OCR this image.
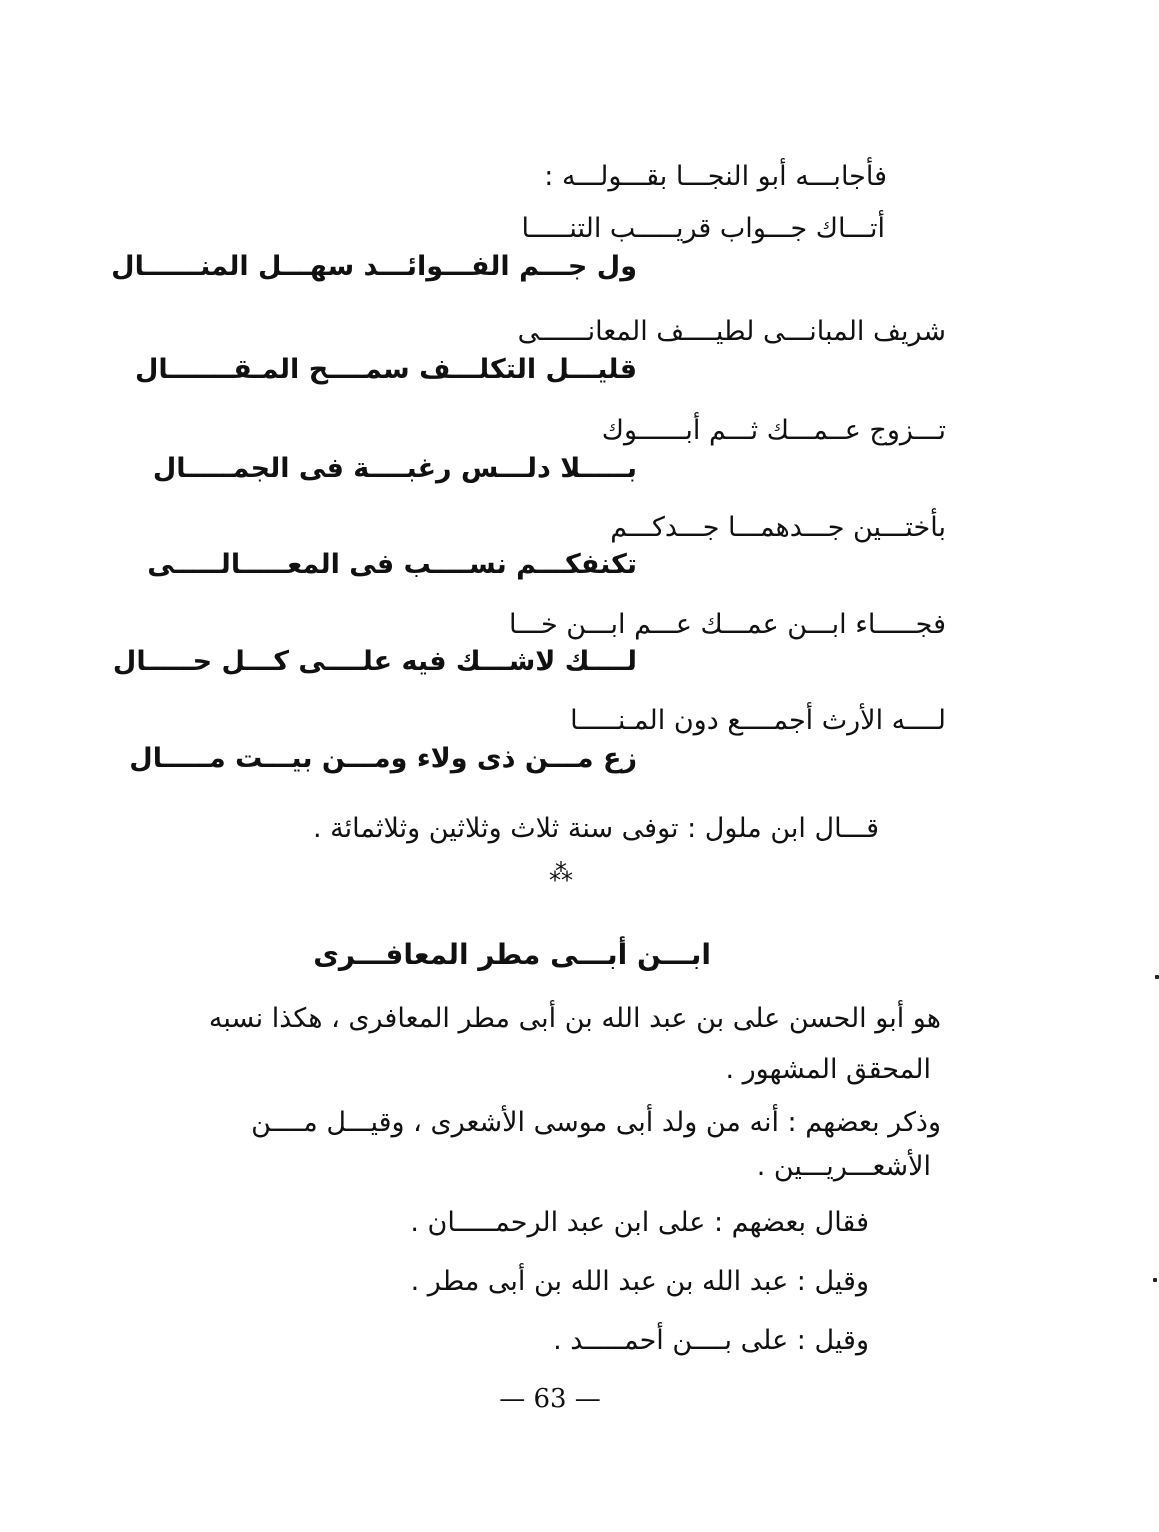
فأجابـــه أبو النجـــا بقـــولـــه :
أتـــاك جـــواب قريـــــب التنـــــا
ول جـــم الفـــوائـــد سهـــل المنــــــال
شريف المبانـــى لطيــــف المعانــــــى
قليـــل التكلـــف سمــــح المـقـــــــال
تـــزوج عــمـــك ثـــم أبــــــوك
بـــــلا دلـــس رغبــــة فى الجمـــــال
بأختـــين جـــدهمـــا جـــدكـــم
تكنفكـــم نســــب فى المعـــــالـــــى
فجـــــاء ابـــن عمـــك عـــم ابـــن خـــا
لــــك لاشـــك فيه علــــى كـــل حـــــال
لــــه الأرث أجمــــع دون المـنـــــا
زع مـــن ذى ولاء ومـــن بيـــت مـــــال
قـــال ابن ملول : توفى سنة ثلاث وثلاثين وثلاثمائة .
⁂
ابـــن أبـــى مطر المعافـــرى
هو أبو الحسن على بن عبد الله بن أبى مطر المعافرى ، هكذا نسبه
المحقق المشهور .
وذكر بعضهم : أنه من ولد أبى موسى الأشعرى ، وقيـــل مــــن
الأشعـــريـــين .
فقال بعضهم : على ابن عبد الرحمـــــان .
وقيل : عبد الله بن عبد الله بن أبى مطر .
وقيل : على بــــن أحمـــــد .
— 63 —
